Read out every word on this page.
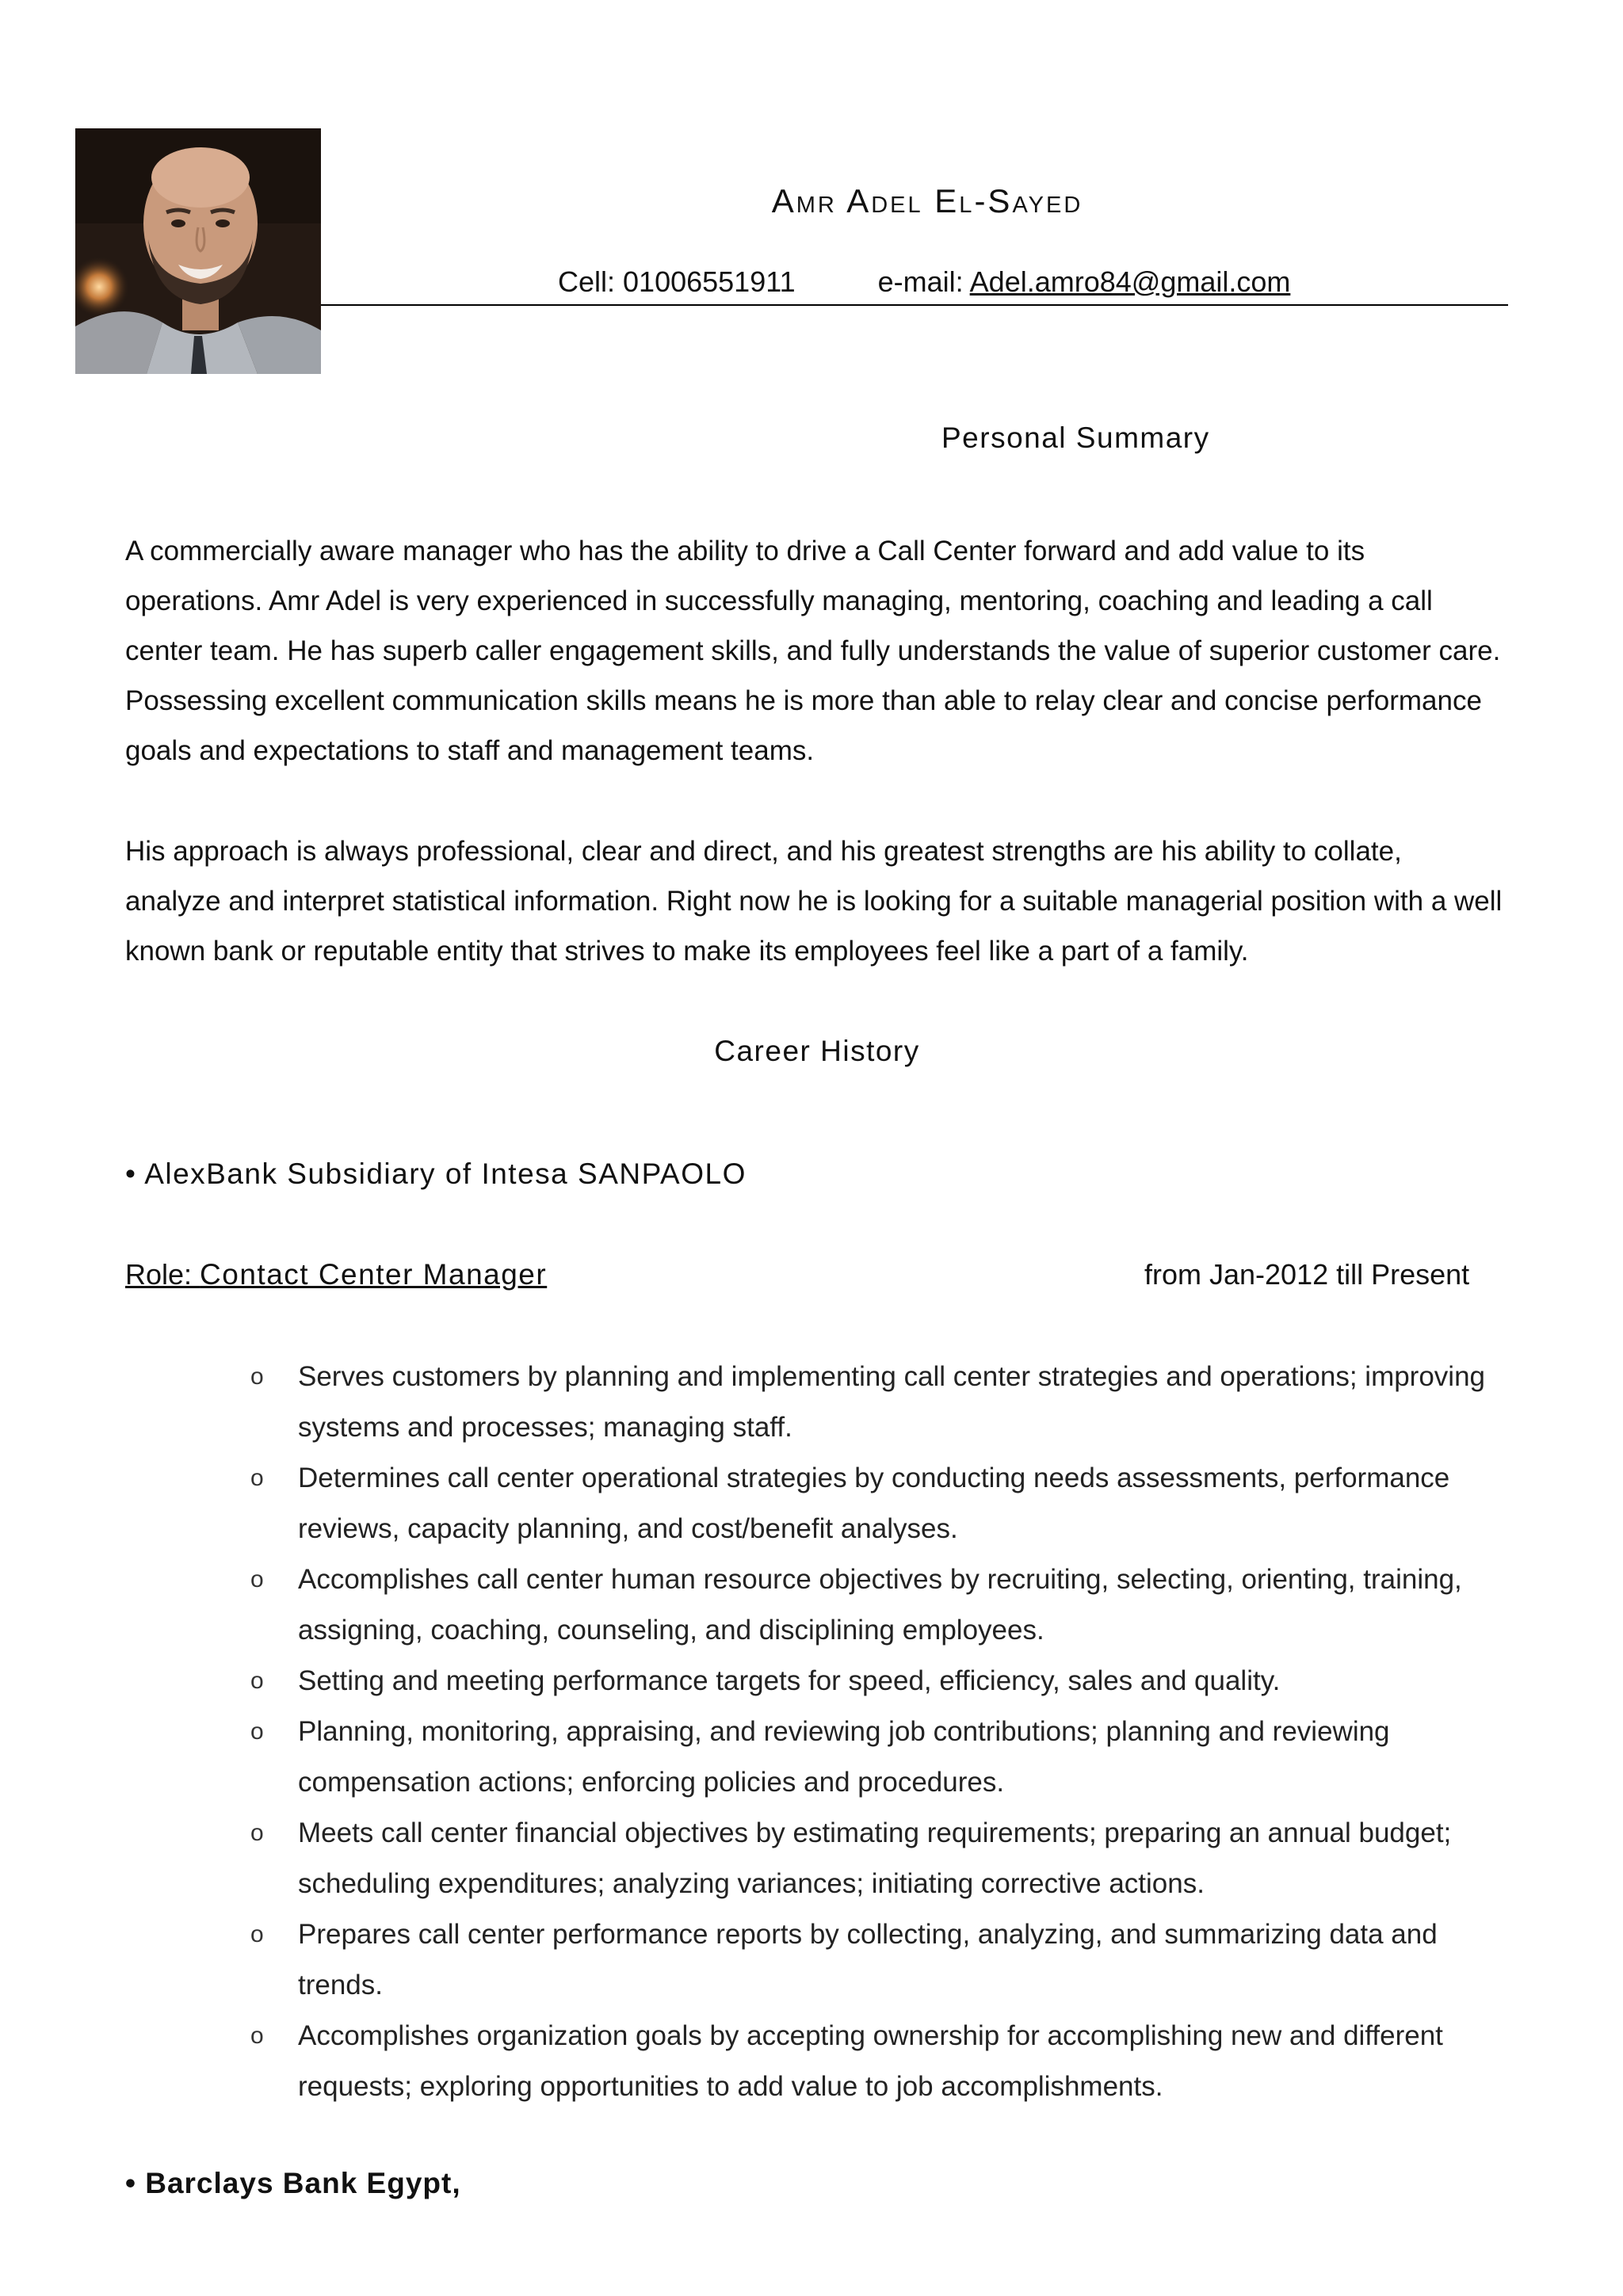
Amr Adel El-Sayed
Cell: 01006551911	e-mail: Adel.amro84@gmail.com
Personal Summary

A commercially aware manager who has the ability to drive a Call Center forward and add value to its operations. Amr Adel is very experienced in successfully managing, mentoring, coaching and leading a call center team. He has superb caller engagement skills, and fully understands the value of superior customer care. Possessing excellent communication skills means he is more than able to relay clear and concise performance goals and expectations to staff and management teams.

His approach is always professional, clear and direct, and his greatest strengths are his ability to collate, analyze and interpret statistical information. Right now he is looking for a suitable managerial position with a well known bank or reputable entity that strives to make its employees feel like a part of a family.

Career History
• AlexBank Subsidiary of Intesa SANPAOLO
Role: Contact Center Manager	from Jan-2012 till Present
o Serves customers by planning and implementing call center strategies and operations; improving systems and processes; managing staff.
o Determines call center operational strategies by conducting needs assessments, performance reviews, capacity planning, and cost/benefit analyses.
o Accomplishes call center human resource objectives by recruiting, selecting, orienting, training, assigning, coaching, counseling, and disciplining employees.
o Setting and meeting performance targets for speed, efficiency, sales and quality.
o Planning, monitoring, appraising, and reviewing job contributions; planning and reviewing compensation actions; enforcing policies and procedures.
o Meets call center financial objectives by estimating requirements; preparing an annual budget; scheduling expenditures; analyzing variances; initiating corrective actions.
o Prepares call center performance reports by collecting, analyzing, and summarizing data and trends.
o Accomplishes organization goals by accepting ownership for accomplishing new and different requests; exploring opportunities to add value to job accomplishments.
• Barclays Bank Egypt,
